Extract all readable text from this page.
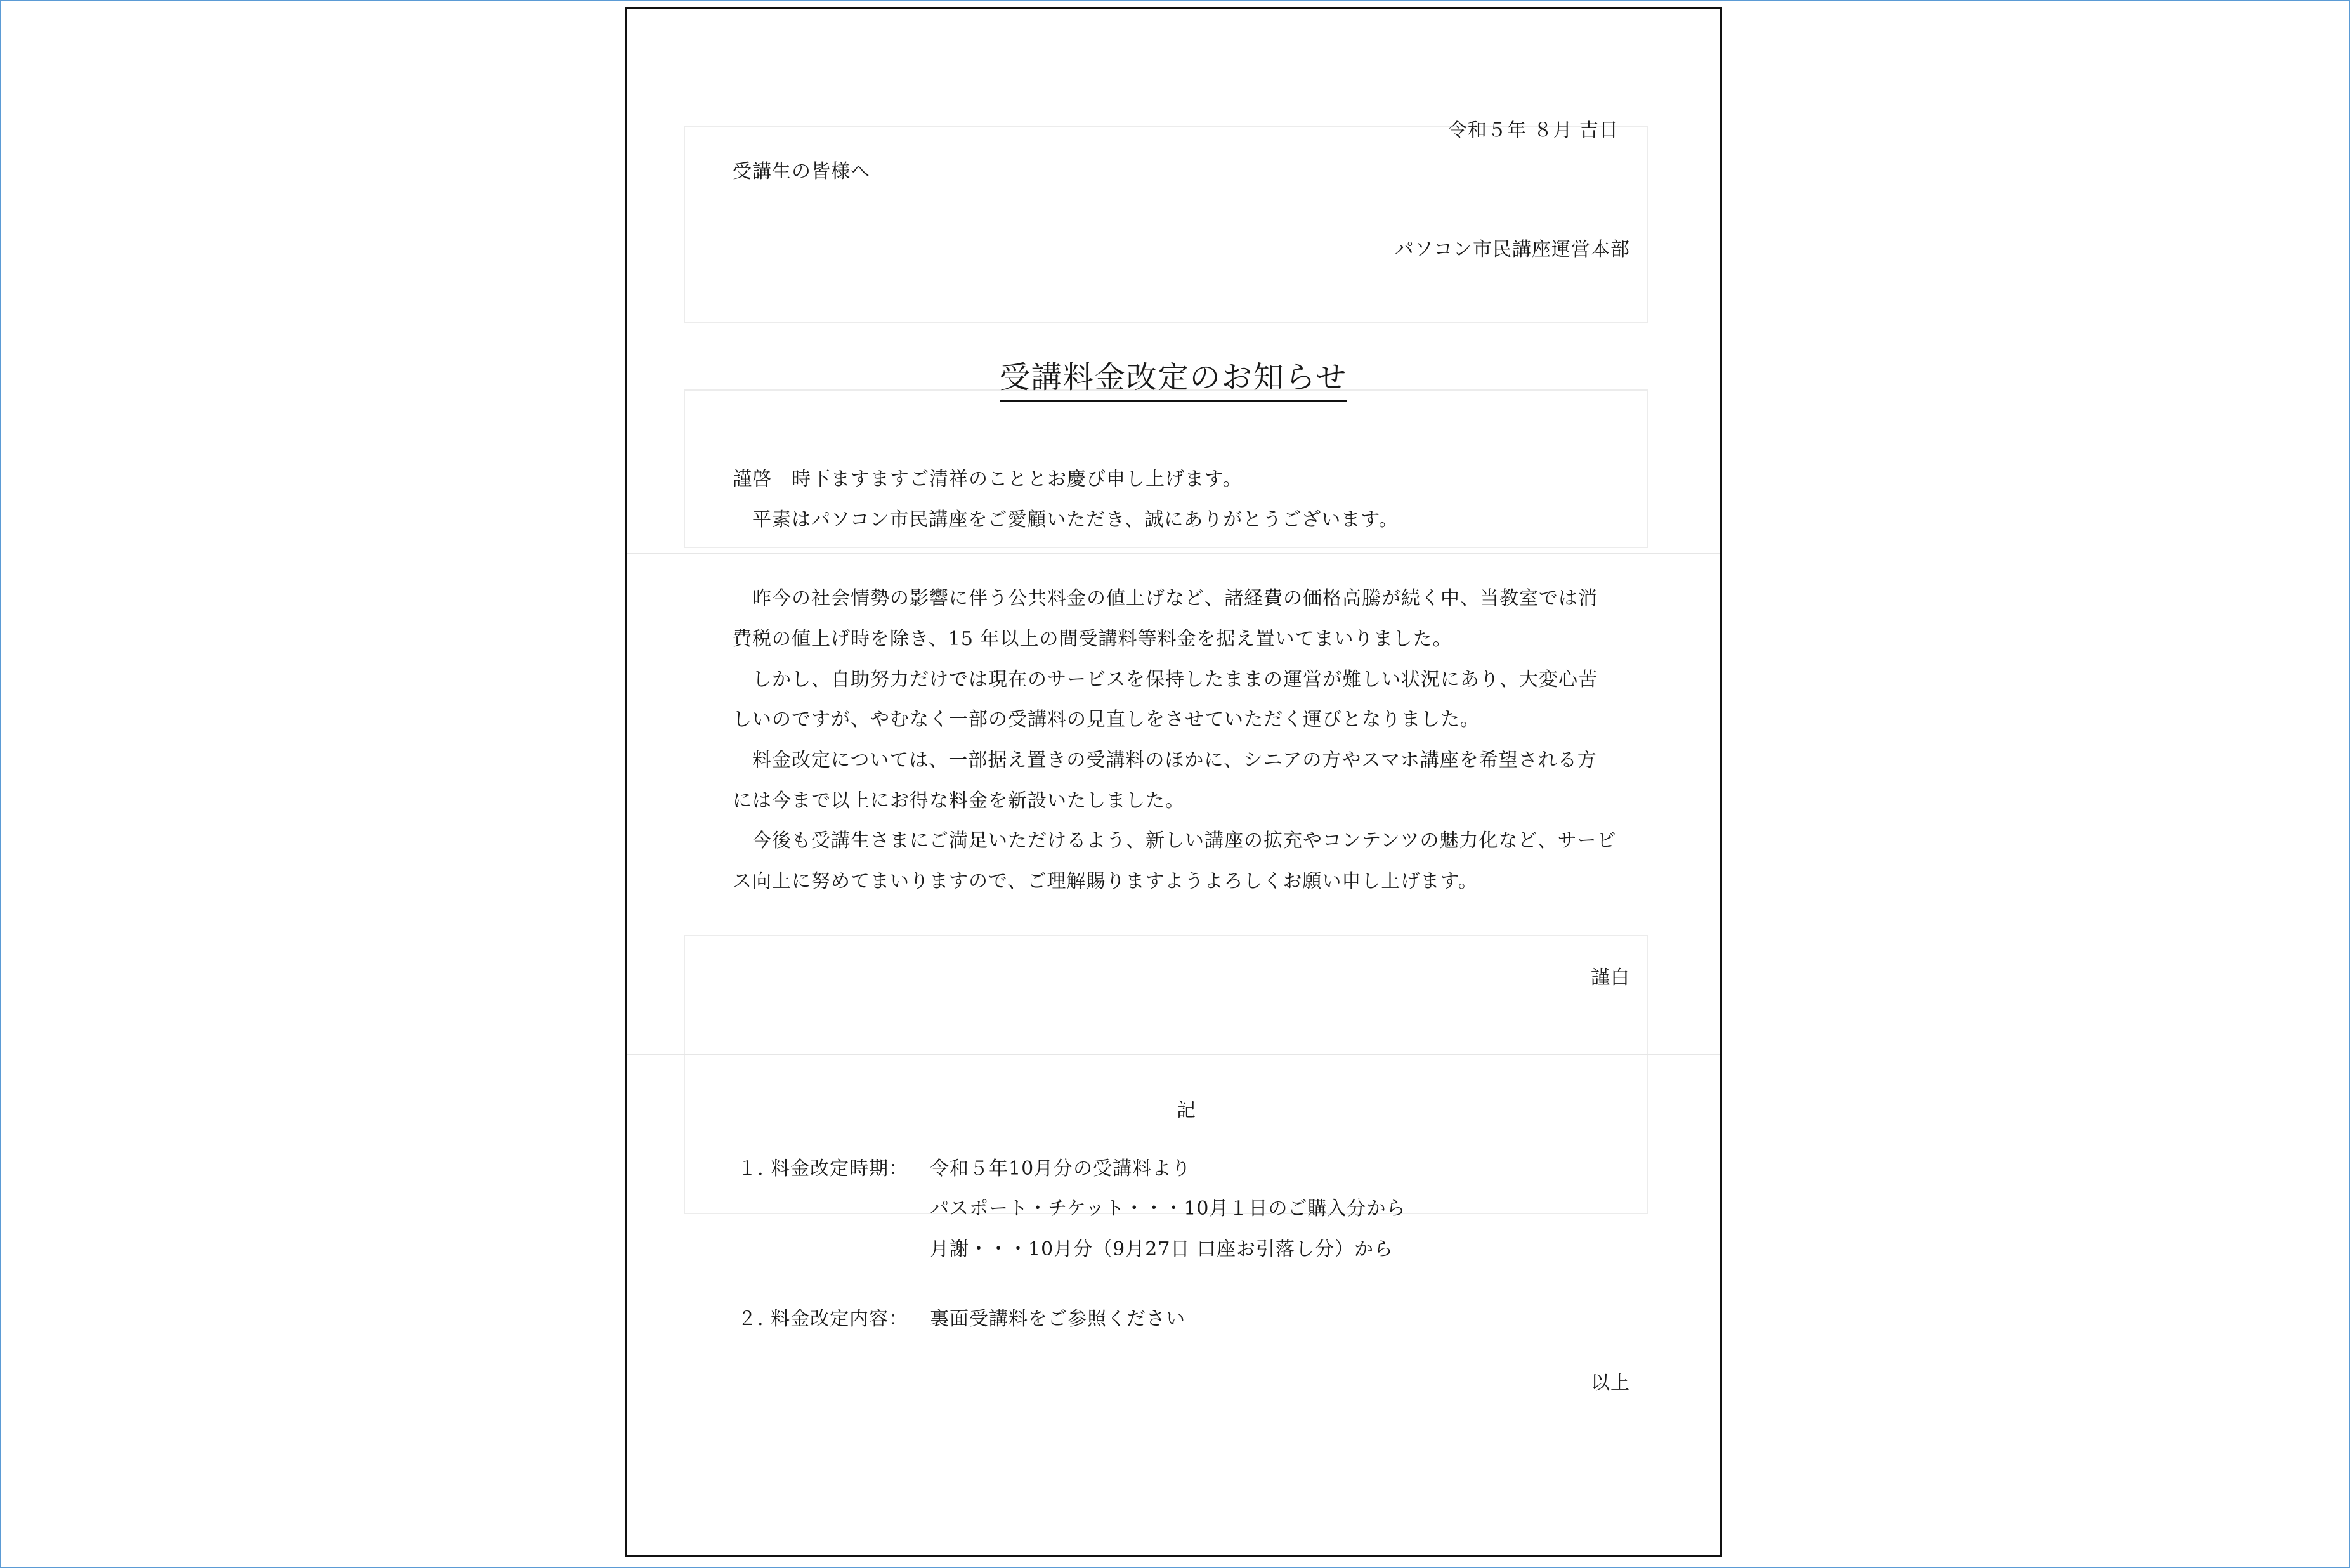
令和５年 ８月 吉日
受講生の皆様へ
パソコン市民講座運営本部
受講料金改定のお知らせ
謹啓　時下ますますご清祥のこととお慶び申し上げます。
　平素はパソコン市民講座をご愛顧いただき、誠にありがとうございます。
　昨今の社会情勢の影響に伴う公共料金の値上げなど、諸経費の価格高騰が続く中、当教室では消
費税の値上げ時を除き、15 年以上の間受講料等料金を据え置いてまいりました。
　しかし、自助努力だけでは現在のサービスを保持したままの運営が難しい状況にあり、大変心苦
しいのですが、やむなく一部の受講料の見直しをさせていただく運びとなりました。
　料金改定については、一部据え置きの受講料のほかに、シニアの方やスマホ講座を希望される方
には今まで以上にお得な料金を新設いたしました。
　今後も受講生さまにご満足いただけるよう、新しい講座の拡充やコンテンツの魅力化など、サービ
ス向上に努めてまいりますので、ご理解賜りますようよろしくお願い申し上げます。
謹白
記
１. 料金改定時期： 令和５年10月分の受講料より
パスポート・チケット・・・10月１日のご購入分から
月謝・・・10月分（9月27日 口座お引落し分）から
２. 料金改定内容： 裏面受講料をご参照ください
以上
